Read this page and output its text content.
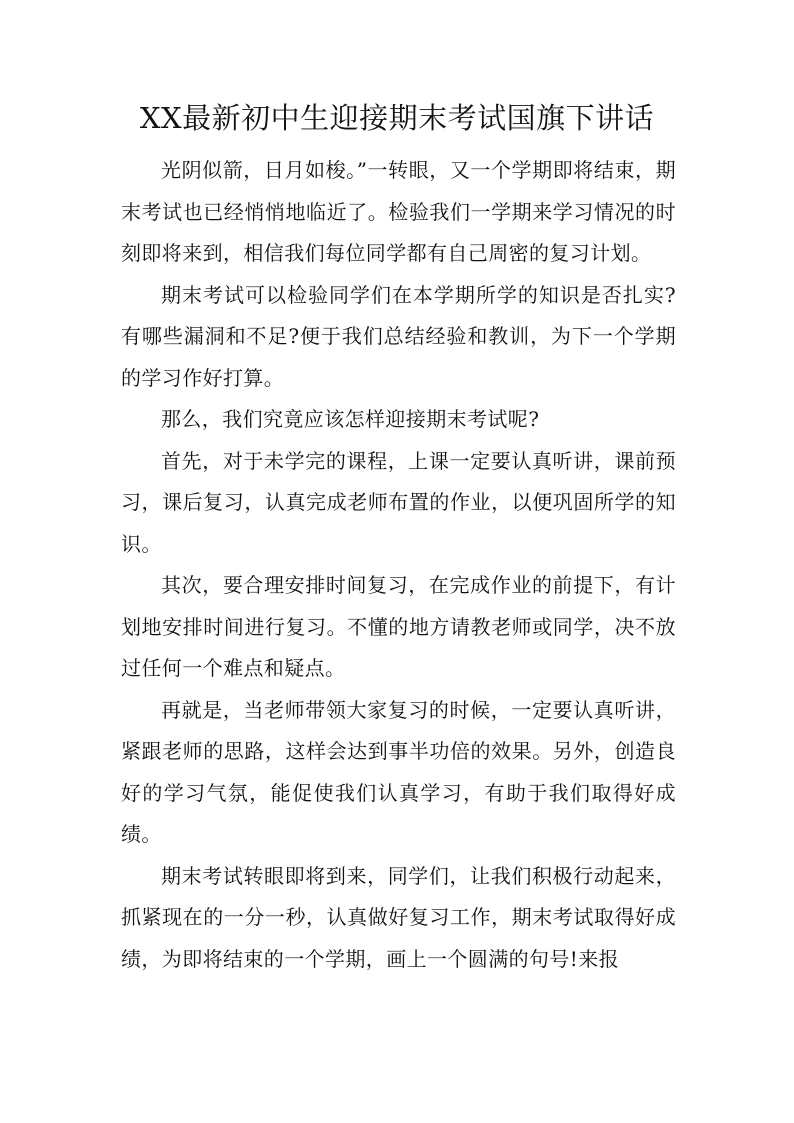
XX最新初中生迎接期末考试国旗下讲话

光阴似箭，日月如梭。”一转眼，又一个学期即将结束，期末考试也已经悄悄地临近了。检验我们一学期来学习情况的时刻即将来到，相信我们每位同学都有自己周密的复习计划。

期末考试可以检验同学们在本学期所学的知识是否扎实?有哪些漏洞和不足?便于我们总结经验和教训，为下一个学期的学习作好打算。

那么，我们究竟应该怎样迎接期末考试呢?

首先，对于未学完的课程，上课一定要认真听讲，课前预习，课后复习，认真完成老师布置的作业，以便巩固所学的知识。

其次，要合理安排时间复习，在完成作业的前提下，有计划地安排时间进行复习。不懂的地方请教老师或同学，决不放过任何一个难点和疑点。

再就是，当老师带领大家复习的时候，一定要认真听讲，紧跟老师的思路，这样会达到事半功倍的效果。另外，创造良好的学习气氛，能促使我们认真学习，有助于我们取得好成绩。

期末考试转眼即将到来，同学们，让我们积极行动起来，抓紧现在的一分一秒，认真做好复习工作，期末考试取得好成绩，为即将结束的一个学期，画上一个圆满的句号!来报
